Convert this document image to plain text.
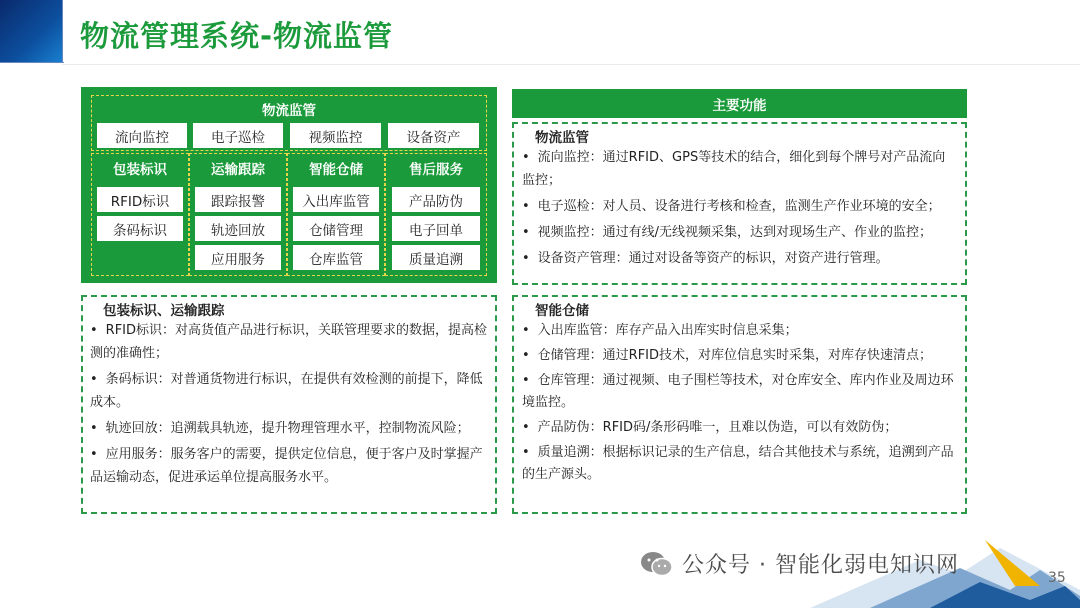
物流管理系统-物流监管
物流监管
流向监控	电子巡检	视频监控	设备资产
包装标识
RFID标识
条码标识
运输跟踪
跟踪报警
轨迹回放
应用服务
智能仓储
入出库监管
仓储管理
仓库监管
售后服务
产品防伪
电子回单
质量追溯
主要功能
物流监管
• 流向监控：通过RFID、GPS等技术的结合，细化到每个牌号对产品流向监控；
• 电子巡检：对人员、设备进行考核和检查，监测生产作业环境的安全；
• 视频监控：通过有线/无线视频采集，达到对现场生产、作业的监控；
• 设备资产管理：通过对设备等资产的标识，对资产进行管理。
包装标识、运输跟踪
• RFID标识：对高货值产品进行标识，关联管理要求的数据，提高检测的准确性；
• 条码标识：对普通货物进行标识，在提供有效检测的前提下，降低成本。
• 轨迹回放：追溯载具轨迹，提升物理管理水平，控制物流风险；
• 应用服务：服务客户的需要，提供定位信息，便于客户及时掌握产品运输动态，促进承运单位提高服务水平。
智能仓储
• 入出库监管：库存产品入出库实时信息采集；
• 仓储管理：通过RFID技术，对库位信息实时采集，对库存快速清点；
• 仓库管理：通过视频、电子围栏等技术，对仓库安全、库内作业及周边环境监控。
• 产品防伪：RFID码/条形码唯一，且难以伪造，可以有效防伪；
• 质量追溯：根据标识记录的生产信息，结合其他技术与系统，追溯到产品的生产源头。
公众号 · 智能化弱电知识网	35
